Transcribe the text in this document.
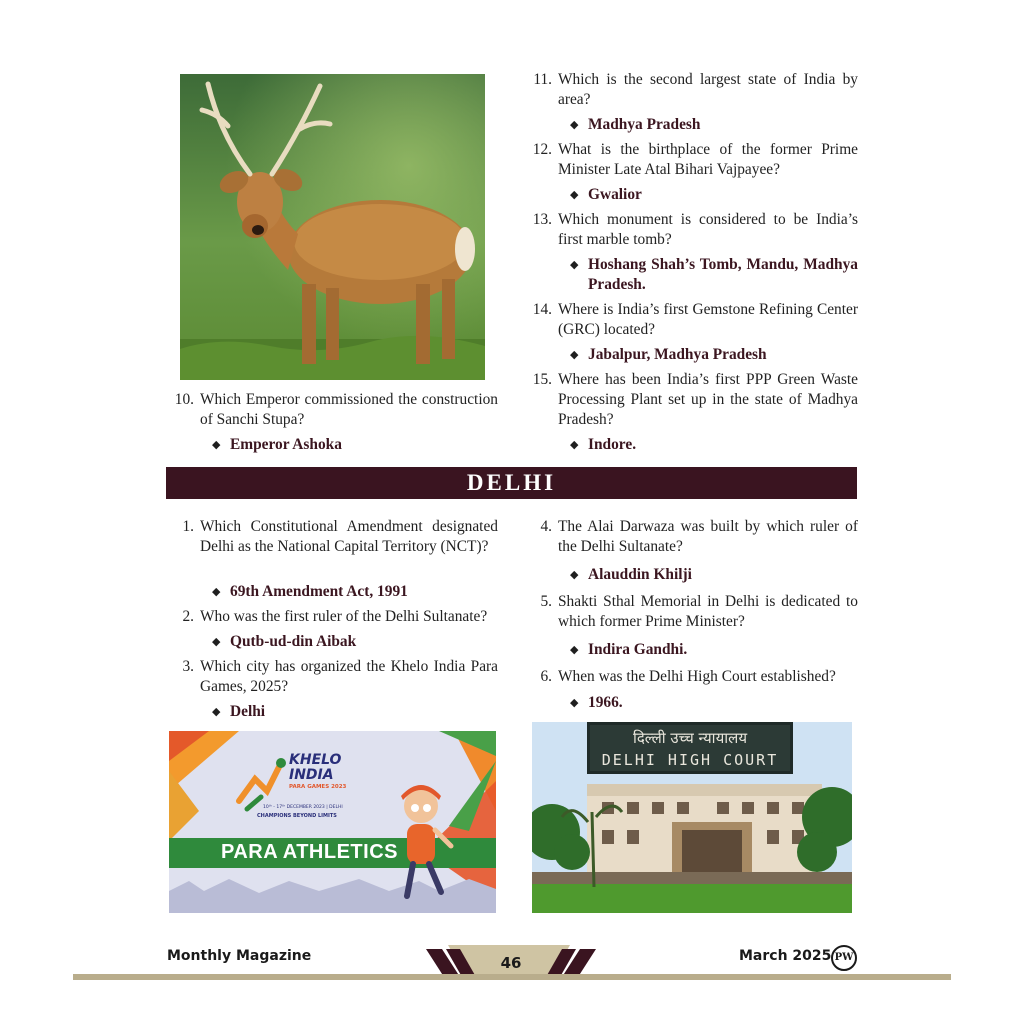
11. Which is the second largest state of India by area?
◆ Madhya Pradesh
12. What is the birthplace of the former Prime Minister Late Atal Bihari Vajpayee?
◆ Gwalior
13. Which monument is considered to be India’s first marble tomb?
◆ Hoshang Shah’s Tomb, Mandu, Madhya Pradesh.
14. Where is India’s first Gemstone Refining Center (GRC) located?
◆ Jabalpur, Madhya Pradesh
15. Where has been India’s first PPP Green Waste Processing Plant set up in the state of Madhya Pradesh?
◆ Indore.
10. Which Emperor commissioned the construction of Sanchi Stupa?
◆ Emperor Ashoka
DELHI
1. Which Constitutional Amendment designated Delhi as the National Capital Territory (NCT)?
◆ 69th Amendment Act, 1991
2. Who was the first ruler of the Delhi Sultanate?
◆ Qutb-ud-din Aibak
3. Which city has organized the Khelo India Para Games, 2025?
◆ Delhi
4. The Alai Darwaza was built by which ruler of the Delhi Sultanate?
◆ Alauddin Khilji
5. Shakti Sthal Memorial in Delhi is dedicated to which former Prime Minister?
◆ Indira Gandhi.
6. When was the Delhi High Court established?
◆ 1966.
KHELO
INDIA
PARA GAMES 2023
10ᵗʰ - 17ᵗʰ DECEMBER 2023 | DELHI
CHAMPIONS BEYOND LIMITS
PARA ATHLETICS
दिल्ली उच्च न्यायालय
DELHI HIGH COURT
Monthly Magazine	46	March 2025 PW
